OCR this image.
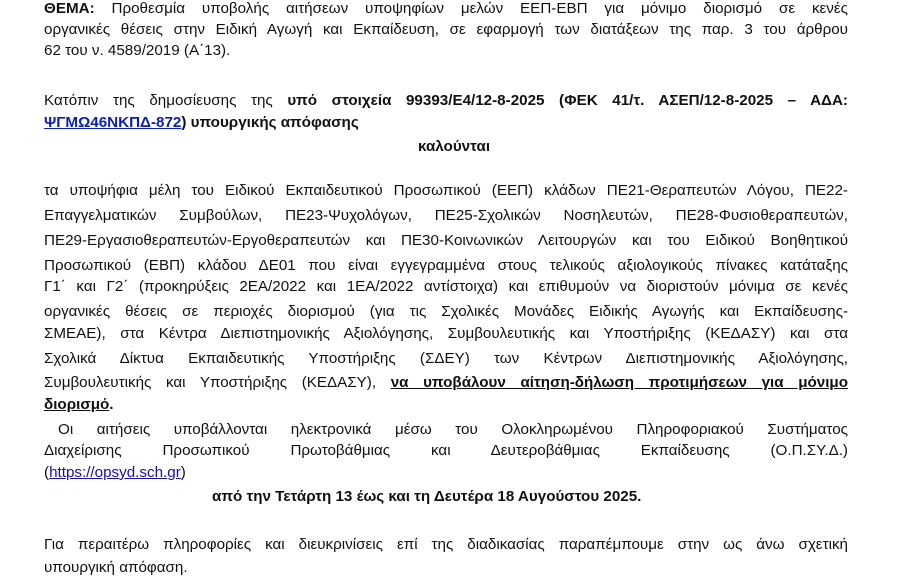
ΘΕΜΑ: Προθεσμία υποβολής αιτήσεων υποψηφίων μελών ΕΕΠ-ΕΒΠ για μόνιμο διορισμό σε κενές
οργανικές θέσεις στην Ειδική Αγωγή και Εκπαίδευση, σε εφαρμογή των διατάξεων της παρ. 3 του άρθρου
62 του ν. 4589/2019 (Α΄13).
Κατόπιν της δημοσίευσης της υπό στοιχεία 99393/Ε4/12-8-2025 (ΦΕΚ 41/τ. ΑΣΕΠ/12-8-2025 – ΑΔΑ:
ΨΓΜΩ46ΝΚΠΔ-872) υπουργικής απόφασης
καλούνται
τα υποψήφια μέλη του Ειδικού Εκπαιδευτικού Προσωπικού (ΕΕΠ) κλάδων ΠΕ21-Θεραπευτών Λόγου, ΠΕ22-
Επαγγελματικών Συμβούλων, ΠΕ23-Ψυχολόγων, ΠΕ25-Σχολικών Νοσηλευτών, ΠΕ28-Φυσιοθεραπευτών,
ΠΕ29-Εργασιοθεραπευτών-Εργοθεραπευτών και ΠΕ30-Κοινωνικών Λειτουργών και του Ειδικού Βοηθητικού
Προσωπικού (ΕΒΠ) κλάδου ΔΕ01 που είναι εγγεγραμμένα στους τελικούς αξιολογικούς πίνακες κατάταξης
Γ1΄ και Γ2΄ (προκηρύξεις 2ΕΑ/2022 και 1ΕΑ/2022 αντίστοιχα) και επιθυμούν να διοριστούν μόνιμα σε κενές
οργανικές θέσεις σε περιοχές διορισμού (για τις Σχολικές Μονάδες Ειδικής Αγωγής και Εκπαίδευσης-
ΣΜΕΑΕ), στα Κέντρα Διεπιστημονικής Αξιολόγησης, Συμβουλευτικής και Υποστήριξης (ΚΕΔΑΣΥ) και στα
Σχολικά Δίκτυα Εκπαιδευτικής Υποστήριξης (ΣΔΕΥ) των Κέντρων Διεπιστημονικής Αξιολόγησης,
Συμβουλευτικής και Υποστήριξης (ΚΕΔΑΣΥ), να υποβάλουν αίτηση-δήλωση προτιμήσεων για μόνιμο
διορισμό.
Οι αιτήσεις υποβάλλονται ηλεκτρονικά μέσω του Ολοκληρωμένου Πληροφοριακού Συστήματος
Διαχείρισης Προσωπικού Πρωτοβάθμιας και Δευτεροβάθμιας Εκπαίδευσης (Ο.Π.ΣΥ.Δ.)
(https://opsyd.sch.gr)
από την Τετάρτη 13 έως και τη Δευτέρα 18 Αυγούστου 2025.
Για περαιτέρω πληροφορίες και διευκρινίσεις επί της διαδικασίας παραπέμπουμε στην ως άνω σχετική
υπουργική απόφαση.
